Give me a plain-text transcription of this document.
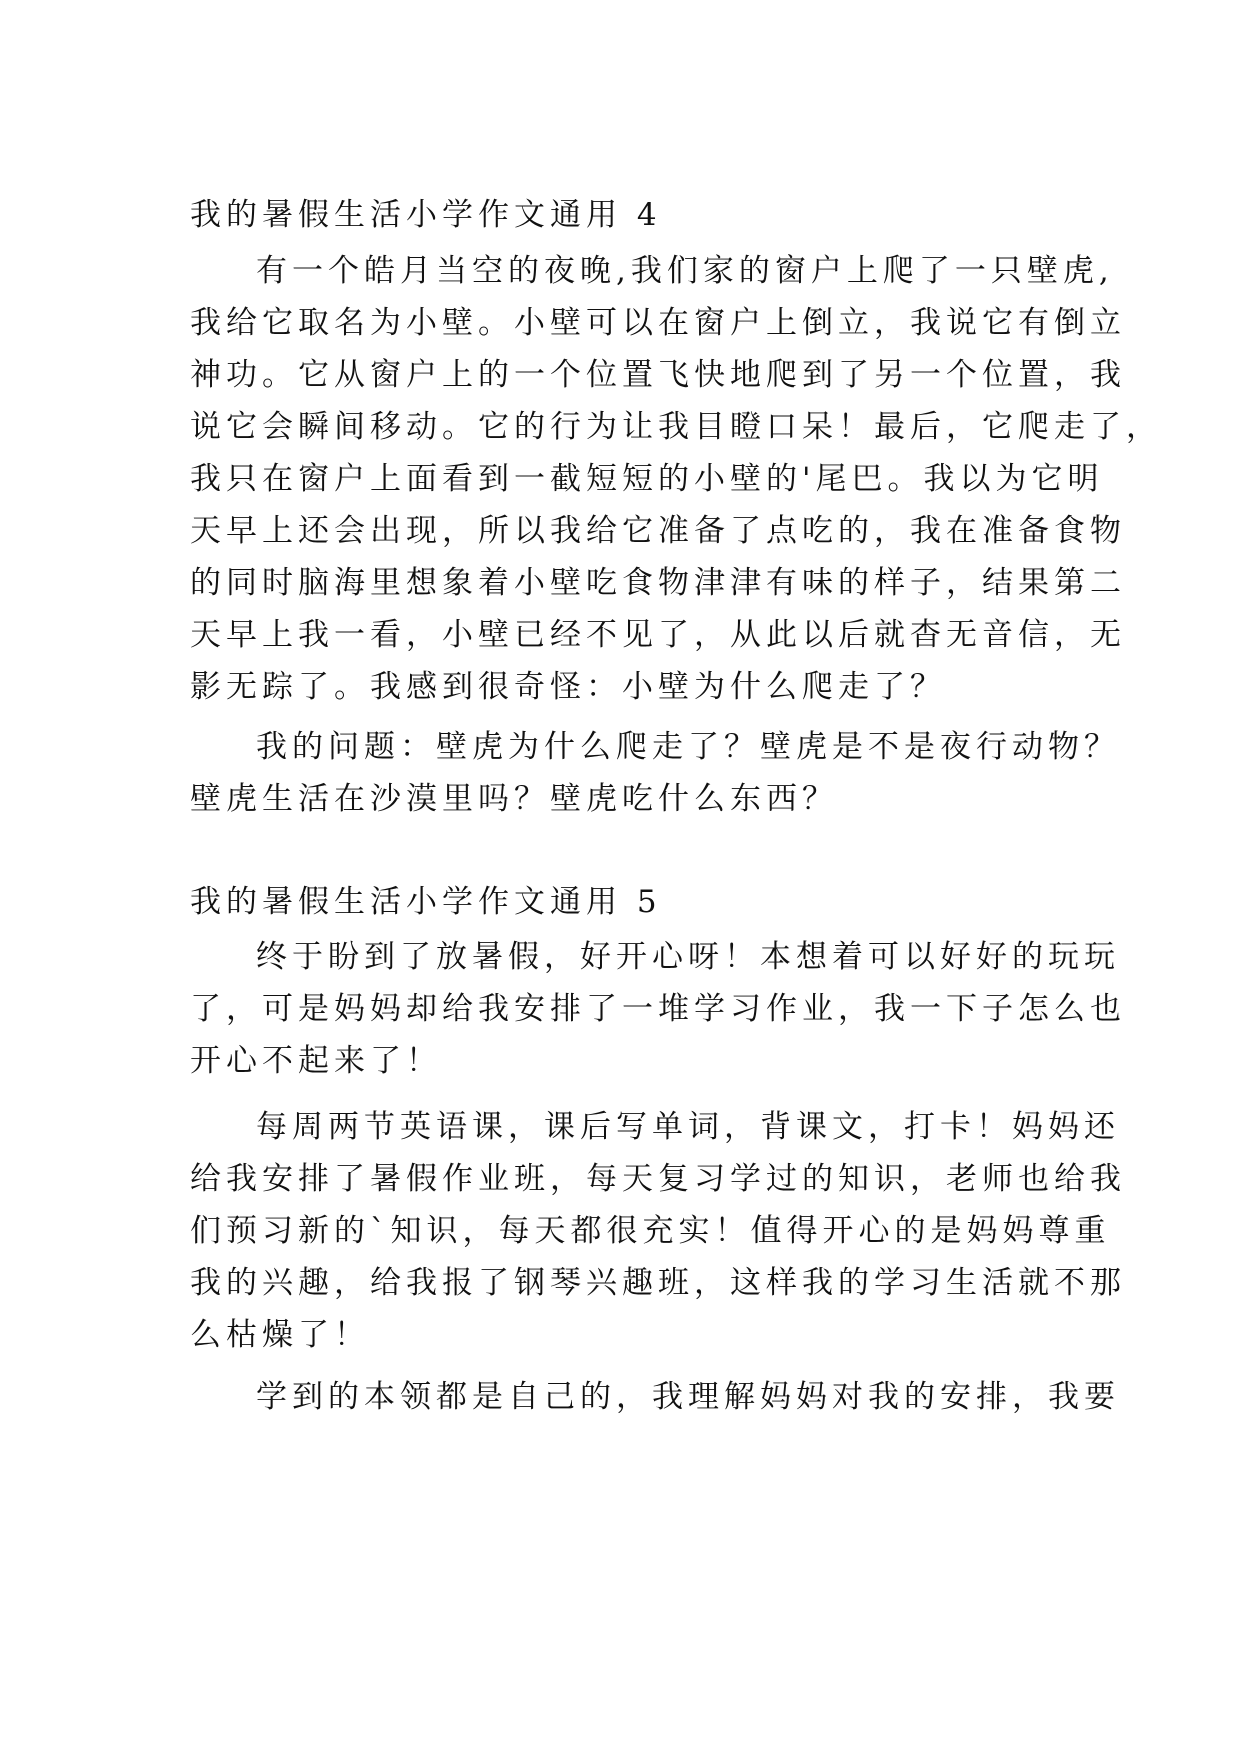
我的暑假生活小学作文通用 4
有一个皓月当空的夜晚,我们家的窗户上爬了一只壁虎,
我给它取名为小壁。小壁可以在窗户上倒立，我说它有倒立
神功。它从窗户上的一个位置飞快地爬到了另一个位置，我
说它会瞬间移动。它的行为让我目瞪口呆！最后，它爬走了，
我只在窗户上面看到一截短短的小壁的'尾巴。我以为它明
天早上还会出现，所以我给它准备了点吃的，我在准备食物
的同时脑海里想象着小壁吃食物津津有味的样子，结果第二
天早上我一看，小壁已经不见了，从此以后就杳无音信，无
影无踪了。我感到很奇怪：小壁为什么爬走了？
我的问题：壁虎为什么爬走了？壁虎是不是夜行动物？
壁虎生活在沙漠里吗？壁虎吃什么东西？
我的暑假生活小学作文通用 5
终于盼到了放暑假，好开心呀！本想着可以好好的玩玩
了，可是妈妈却给我安排了一堆学习作业，我一下子怎么也
开心不起来了！
每周两节英语课，课后写单词，背课文，打卡！妈妈还
给我安排了暑假作业班，每天复习学过的知识，老师也给我
们预习新的`知识，每天都很充实！值得开心的是妈妈尊重
我的兴趣，给我报了钢琴兴趣班，这样我的学习生活就不那
么枯燥了！
学到的本领都是自己的，我理解妈妈对我的安排，我要
